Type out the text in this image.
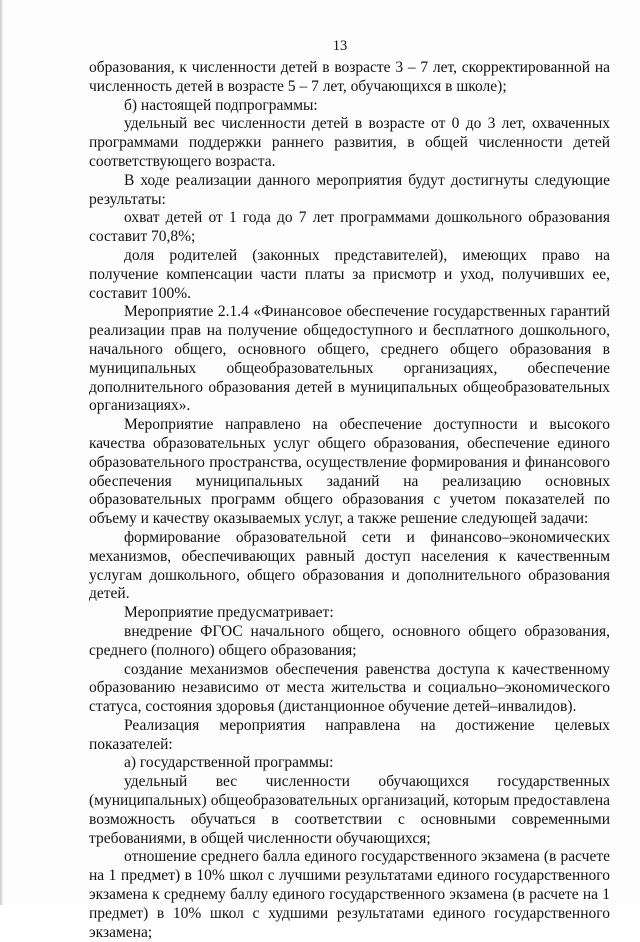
13

образования, к численности детей в возрасте 3 – 7 лет, скорректированной на численность детей в возрасте 5 – 7 лет, обучающихся в школе);

б) настоящей подпрограммы:

удельный вес численности детей в возрасте от 0 до 3 лет, охваченных программами поддержки раннего развития, в общей численности детей соответствующего возраста.

В ходе реализации данного мероприятия будут достигнуты следующие результаты:

охват детей от 1 года до 7 лет программами дошкольного образования составит 70,8%;

доля родителей (законных представителей), имеющих право на получение компенсации части платы за присмотр и уход, получивших ее, составит 100%.

Мероприятие 2.1.4 «Финансовое обеспечение государственных гарантий реализации прав на получение общедоступного и бесплатного дошкольного, начального общего, основного общего, среднего общего образования в муниципальных общеобразовательных организациях, обеспечение дополнительного образования детей в муниципальных общеобразовательных организациях».

Мероприятие направлено на обеспечение доступности и высокого качества образовательных услуг общего образования, обеспечение единого образовательного пространства, осуществление формирования и финансового обеспечения муниципальных заданий на реализацию основных образовательных программ общего образования с учетом показателей по объему и качеству оказываемых услуг, а также решение следующей задачи:

формирование образовательной сети и финансово–экономических механизмов, обеспечивающих равный доступ населения к качественным услугам дошкольного, общего образования и дополнительного образования детей.

Мероприятие предусматривает:

внедрение ФГОС начального общего, основного общего образования, среднего (полного) общего образования;

создание механизмов обеспечения равенства доступа к качественному образованию независимо от места жительства и социально–экономического статуса, состояния здоровья (дистанционное обучение детей–инвалидов).

Реализация мероприятия направлена на достижение целевых показателей:

а) государственной программы:

удельный вес численности обучающихся государственных (муниципальных) общеобразовательных организаций, которым предоставлена возможность обучаться в соответствии с основными современными требованиями, в общей численности обучающихся;

отношение среднего балла единого государственного экзамена (в расчете на 1 предмет) в 10% школ с лучшими результатами единого государственного экзамена к среднему баллу единого государственного экзамена (в расчете на 1 предмет) в 10% школ с худшими результатами единого государственного экзамена;
